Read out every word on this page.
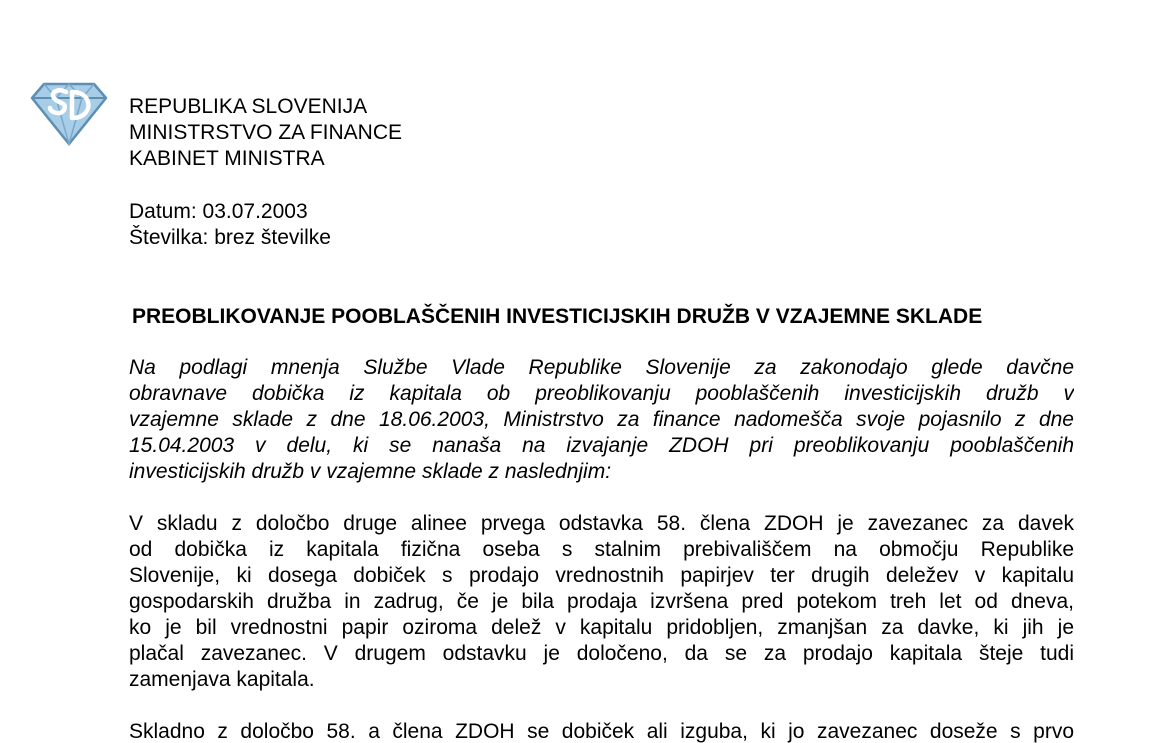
REPUBLIKA SLOVENIJA
MINISTRSTVO ZA FINANCE
KABINET MINISTRA
Datum: 03.07.2003
Številka: brez številke
PREOBLIKOVANJE POOBLAŠČENIH INVESTICIJSKIH DRUŽB V VZAJEMNE SKLADE
Na podlagi mnenja Službe Vlade Republike Slovenije za zakonodajo glede davčne
obravnave dobička iz kapitala ob preoblikovanju pooblaščenih investicijskih družb v
vzajemne sklade z dne 18.06.2003, Ministrstvo za finance nadomešča svoje pojasnilo z dne
15.04.2003 v delu, ki se nanaša na izvajanje ZDOH pri preoblikovanju pooblaščenih
investicijskih družb v vzajemne sklade z naslednjim:
V skladu z določbo druge alinee prvega odstavka 58. člena ZDOH je zavezanec za davek
od dobička iz kapitala fizična oseba s stalnim prebivališčem na območju Republike
Slovenije, ki dosega dobiček s prodajo vrednostnih papirjev ter drugih deležev v kapitalu
gospodarskih družba in zadrug, če je bila prodaja izvršena pred potekom treh let od dneva,
ko je bil vrednostni papir oziroma delež v kapitalu pridobljen, zmanjšan za davke, ki jih je
plačal zavezanec. V drugem odstavku je določeno, da se za prodajo kapitala šteje tudi
zamenjava kapitala.
Skladno z določbo 58. a člena ZDOH se dobiček ali izguba, ki jo zavezanec doseže s prvo
